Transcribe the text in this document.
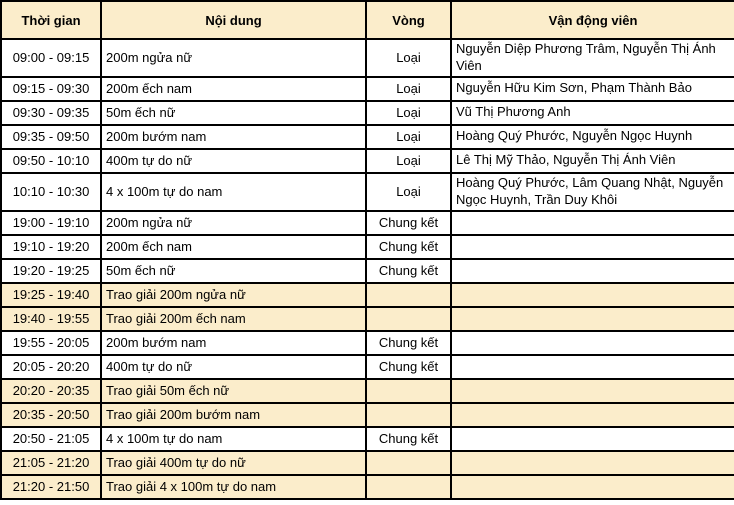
Thời gian	Nội dung	Vòng	Vận động viên
09:00 - 09:15	200m ngửa nữ	Loại	Nguyễn Diệp Phương Trâm, Nguyễn Thị Ánh Viên
09:15 - 09:30	200m ếch nam	Loại	Nguyễn Hữu Kim Sơn, Phạm Thành Bảo
09:30 - 09:35	50m ếch nữ	Loại	Vũ Thị Phương Anh
09:35 - 09:50	200m bướm nam	Loại	Hoàng Quý Phước, Nguyễn Ngọc Huynh
09:50 - 10:10	400m tự do nữ	Loại	Lê Thị Mỹ Thảo, Nguyễn Thị Ánh Viên
10:10 - 10:30	4 x 100m tự do nam	Loại	Hoàng Quý Phước, Lâm Quang Nhật, Nguyễn Ngọc Huynh, Trần Duy Khôi
19:00 - 19:10	200m ngửa nữ	Chung kết	
19:10 - 19:20	200m ếch nam	Chung kết	
19:20 - 19:25	50m ếch nữ	Chung kết	
19:25 - 19:40	Trao giải 200m ngửa nữ		
19:40 - 19:55	Trao giải 200m ếch nam		
19:55 - 20:05	200m bướm nam	Chung kết	
20:05 - 20:20	400m tự do nữ	Chung kết	
20:20 - 20:35	Trao giải 50m ếch nữ		
20:35 - 20:50	Trao giải 200m bướm nam		
20:50 - 21:05	4 x 100m tự do nam	Chung kết	
21:05 - 21:20	Trao giải 400m tự do nữ		
21:20 - 21:50	Trao giải 4 x 100m tự do nam		
